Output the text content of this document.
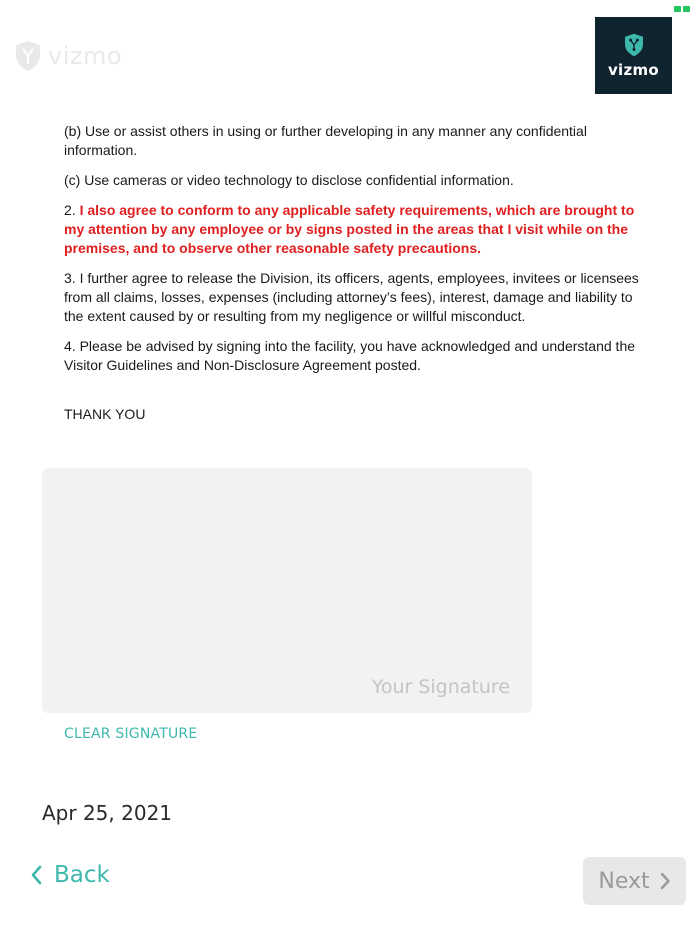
vizmo	vizmo

(b) Use or assist others in using or further developing in any manner any confidential information.

(c) Use cameras or video technology to disclose confidential information.

2. I also agree to conform to any applicable safety requirements, which are brought to my attention by any employee or by signs posted in the areas that I visit while on the premises, and to observe other reasonable safety precautions.

3. I further agree to release the Division, its officers, agents, employees, invitees or licensees from all claims, losses, expenses (including attorney’s fees), interest, damage and liability to the extent caused by or resulting from my negligence or willful misconduct.

4. Please be advised by signing into the facility, you have acknowledged and understand the Visitor Guidelines and Non-Disclosure Agreement posted.

THANK YOU
Your Signature
CLEAR SIGNATURE
Apr 25, 2021
Back	Next
